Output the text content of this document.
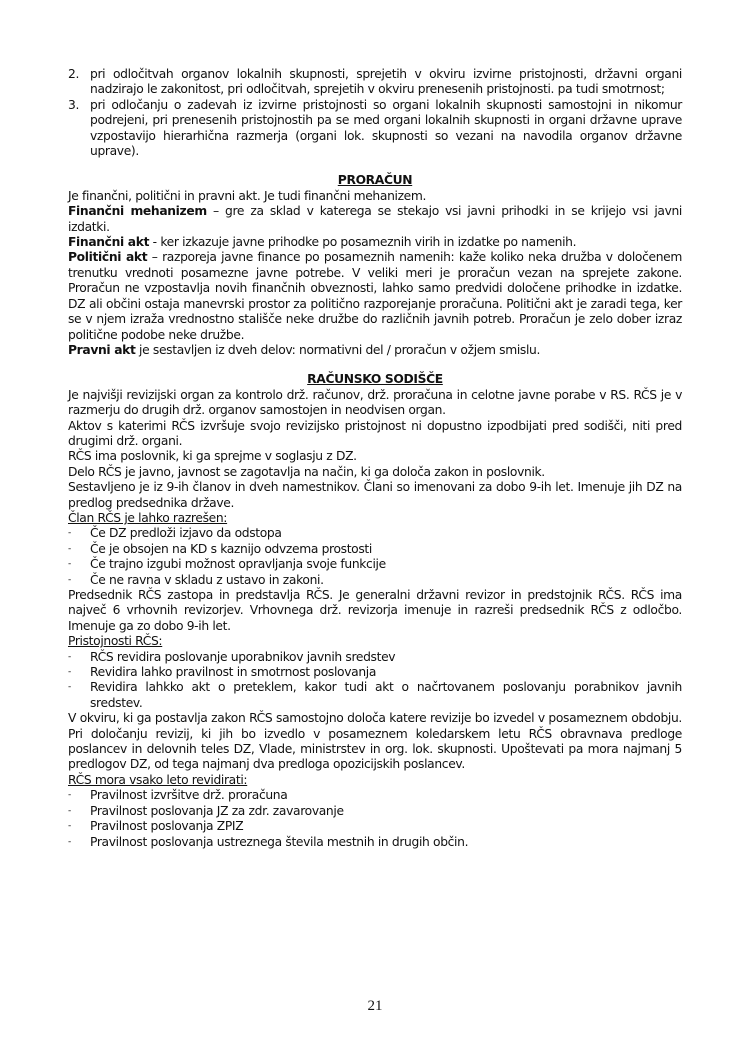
2. pri odločitvah organov lokalnih skupnosti, sprejetih v okviru izvirne pristojnosti, državni organi nadzirajo le zakonitost, pri odločitvah, sprejetih v okviru prenesenih pristojnosti. pa tudi smotrnost;
3. pri odločanju o zadevah iz izvirne pristojnosti so organi lokalnih skupnosti samostojni in nikomur podrejeni, pri prenesenih pristojnostih pa se med organi lokalnih skupnosti in organi državne uprave vzpostavijo hierarhična razmerja (organi lok. skupnosti so vezani na navodila organov državne uprave).
PRORAČUN

Je finančni, politični in pravni akt. Je tudi finančni mehanizem.

Finančni mehanizem – gre za sklad v katerega se stekajo vsi javni prihodki in se krijejo vsi javni izdatki.

Finančni akt - ker izkazuje javne prihodke po posameznih virih in izdatke po namenih.

Politični akt – razporeja javne finance po posameznih namenih: kaže koliko neka družba v določenem trenutku vrednoti posamezne javne potrebe. V veliki meri je proračun vezan na sprejete zakone. Proračun ne vzpostavlja novih finančnih obveznosti, lahko samo predvidi določene prihodke in izdatke. DZ ali občini ostaja manevrski prostor za politično razporejanje proračuna. Politični akt je zaradi tega, ker se v njem izraža vrednostno stališče neke družbe do različnih javnih potreb. Proračun je zelo dober izraz politične podobe neke družbe.

Pravni akt je sestavljen iz dveh delov: normativni del / proračun v ožjem smislu.

RAČUNSKO SODIŠČE

Je najvišji revizijski organ za kontrolo drž. računov, drž. proračuna in celotne javne porabe v RS. RČS je v razmerju do drugih drž. organov samostojen in neodvisen organ.

Aktov s katerimi RČS izvršuje svojo revizijsko pristojnost ni dopustno izpodbijati pred sodišči, niti pred drugimi drž. organi.

RČS ima poslovnik, ki ga sprejme v soglasju z DZ.

Delo RČS je javno, javnost se zagotavlja na način, ki ga določa zakon in poslovnik.

Sestavljeno je iz 9-ih članov in dveh namestnikov. Člani so imenovani za dobo 9-ih let. Imenuje jih DZ na predlog predsednika države.

Član RČS je lahko razrešen:

- Če DZ predloži izjavo da odstopa
- Če je obsojen na KD s kaznijo odvzema prostosti
- Če trajno izgubi možnost opravljanja svoje funkcije
- Če ne ravna v skladu z ustavo in zakoni.

Predsednik RČS zastopa in predstavlja RČS. Je generalni državni revizor in predstojnik RČS. RČS ima največ 6 vrhovnih revizorjev. Vrhovnega drž. revizorja imenuje in razreši predsednik RČS z odločbo. Imenuje ga zo dobo 9-ih let.

Pristojnosti RČS:

- RČS revidira poslovanje uporabnikov javnih sredstev
- Revidira lahko pravilnost in smotrnost poslovanja
- Revidira lahkko akt o preteklem, kakor tudi akt o načrtovanem poslovanju porabnikov javnih sredstev.

V okviru, ki ga postavlja zakon RČS samostojno določa katere revizije bo izvedel v posameznem obdobju. Pri določanju revizij, ki jih bo izvedlo v posameznem koledarskem letu RČS obravnava predloge poslancev in delovnih teles DZ, Vlade, ministrstev in org. lok. skupnosti. Upoštevati pa mora najmanj 5 predlogov DZ, od tega najmanj dva predloga opozicijskih poslancev.

RČS mora vsako leto revidirati:

- Pravilnost izvršitve drž. proračuna
- Pravilnost poslovanja JZ za zdr. zavarovanje
- Pravilnost poslovanja ZPIZ
- Pravilnost poslovanja ustreznega števila mestnih in drugih občin.
21
